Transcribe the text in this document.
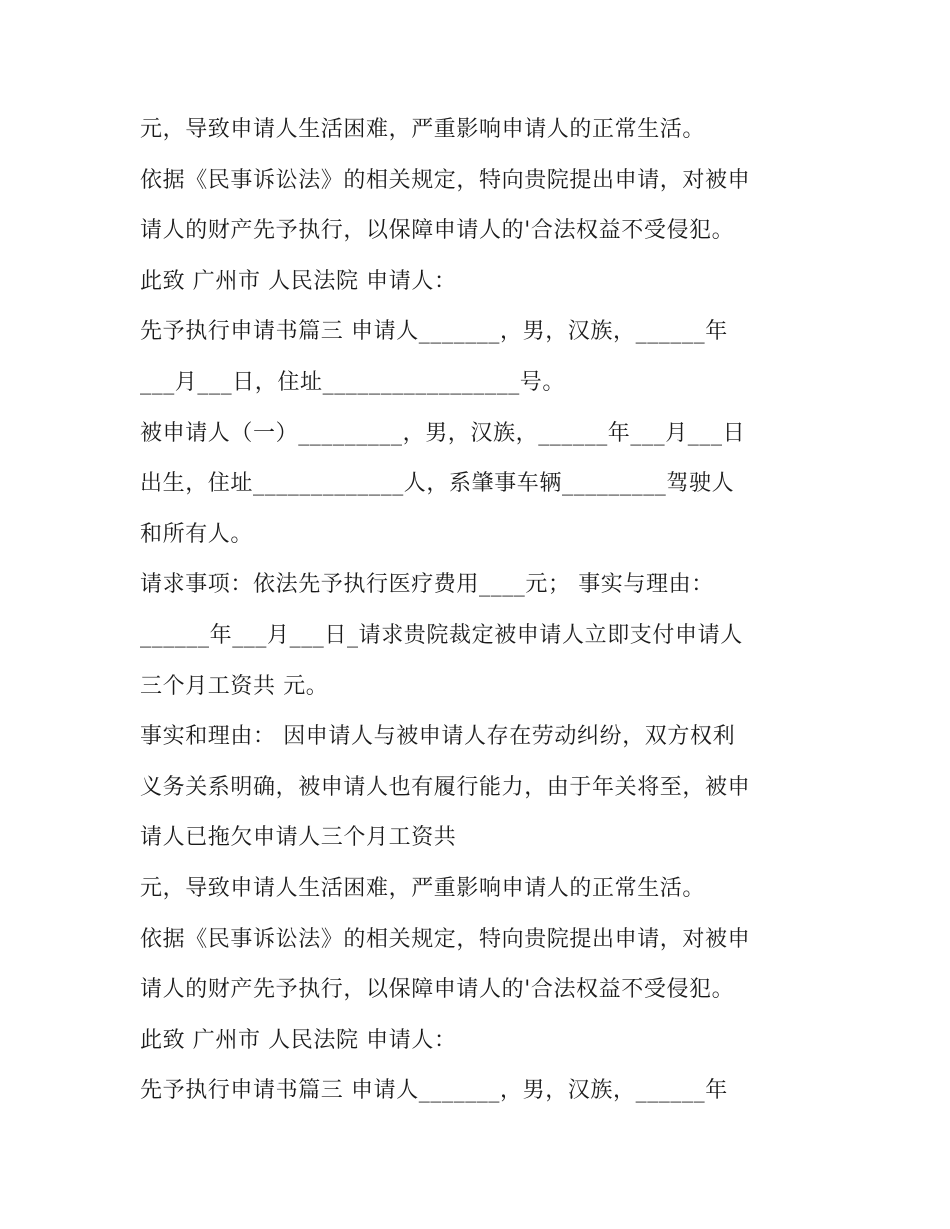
元，导致申请人生活困难，严重影响申请人的正常生活。
依据《民事诉讼法》的相关规定，特向贵院提出申请，对被申
请人的财产先予执行，以保障申请人的'合法权益不受侵犯。
此致 广州市 人民法院 申请人：
先予执行申请书篇三 申请人_______，男，汉族，______年
___月___日，住址_________________号。
被申请人（一）_________，男，汉族，______年___月___日
出生，住址_____________人，系肇事车辆_________驾驶人
和所有人。
请求事项：依法先予执行医疗费用____元； 事实与理由：
______年___月___日_请求贵院裁定被申请人立即支付申请人
三个月工资共 元。
事实和理由： 因申请人与被申请人存在劳动纠纷，双方权利
义务关系明确，被申请人也有履行能力，由于年关将至，被申
请人已拖欠申请人三个月工资共
元，导致申请人生活困难，严重影响申请人的正常生活。
依据《民事诉讼法》的相关规定，特向贵院提出申请，对被申
请人的财产先予执行，以保障申请人的'合法权益不受侵犯。
此致 广州市 人民法院 申请人：
先予执行申请书篇三 申请人_______，男，汉族，______年
